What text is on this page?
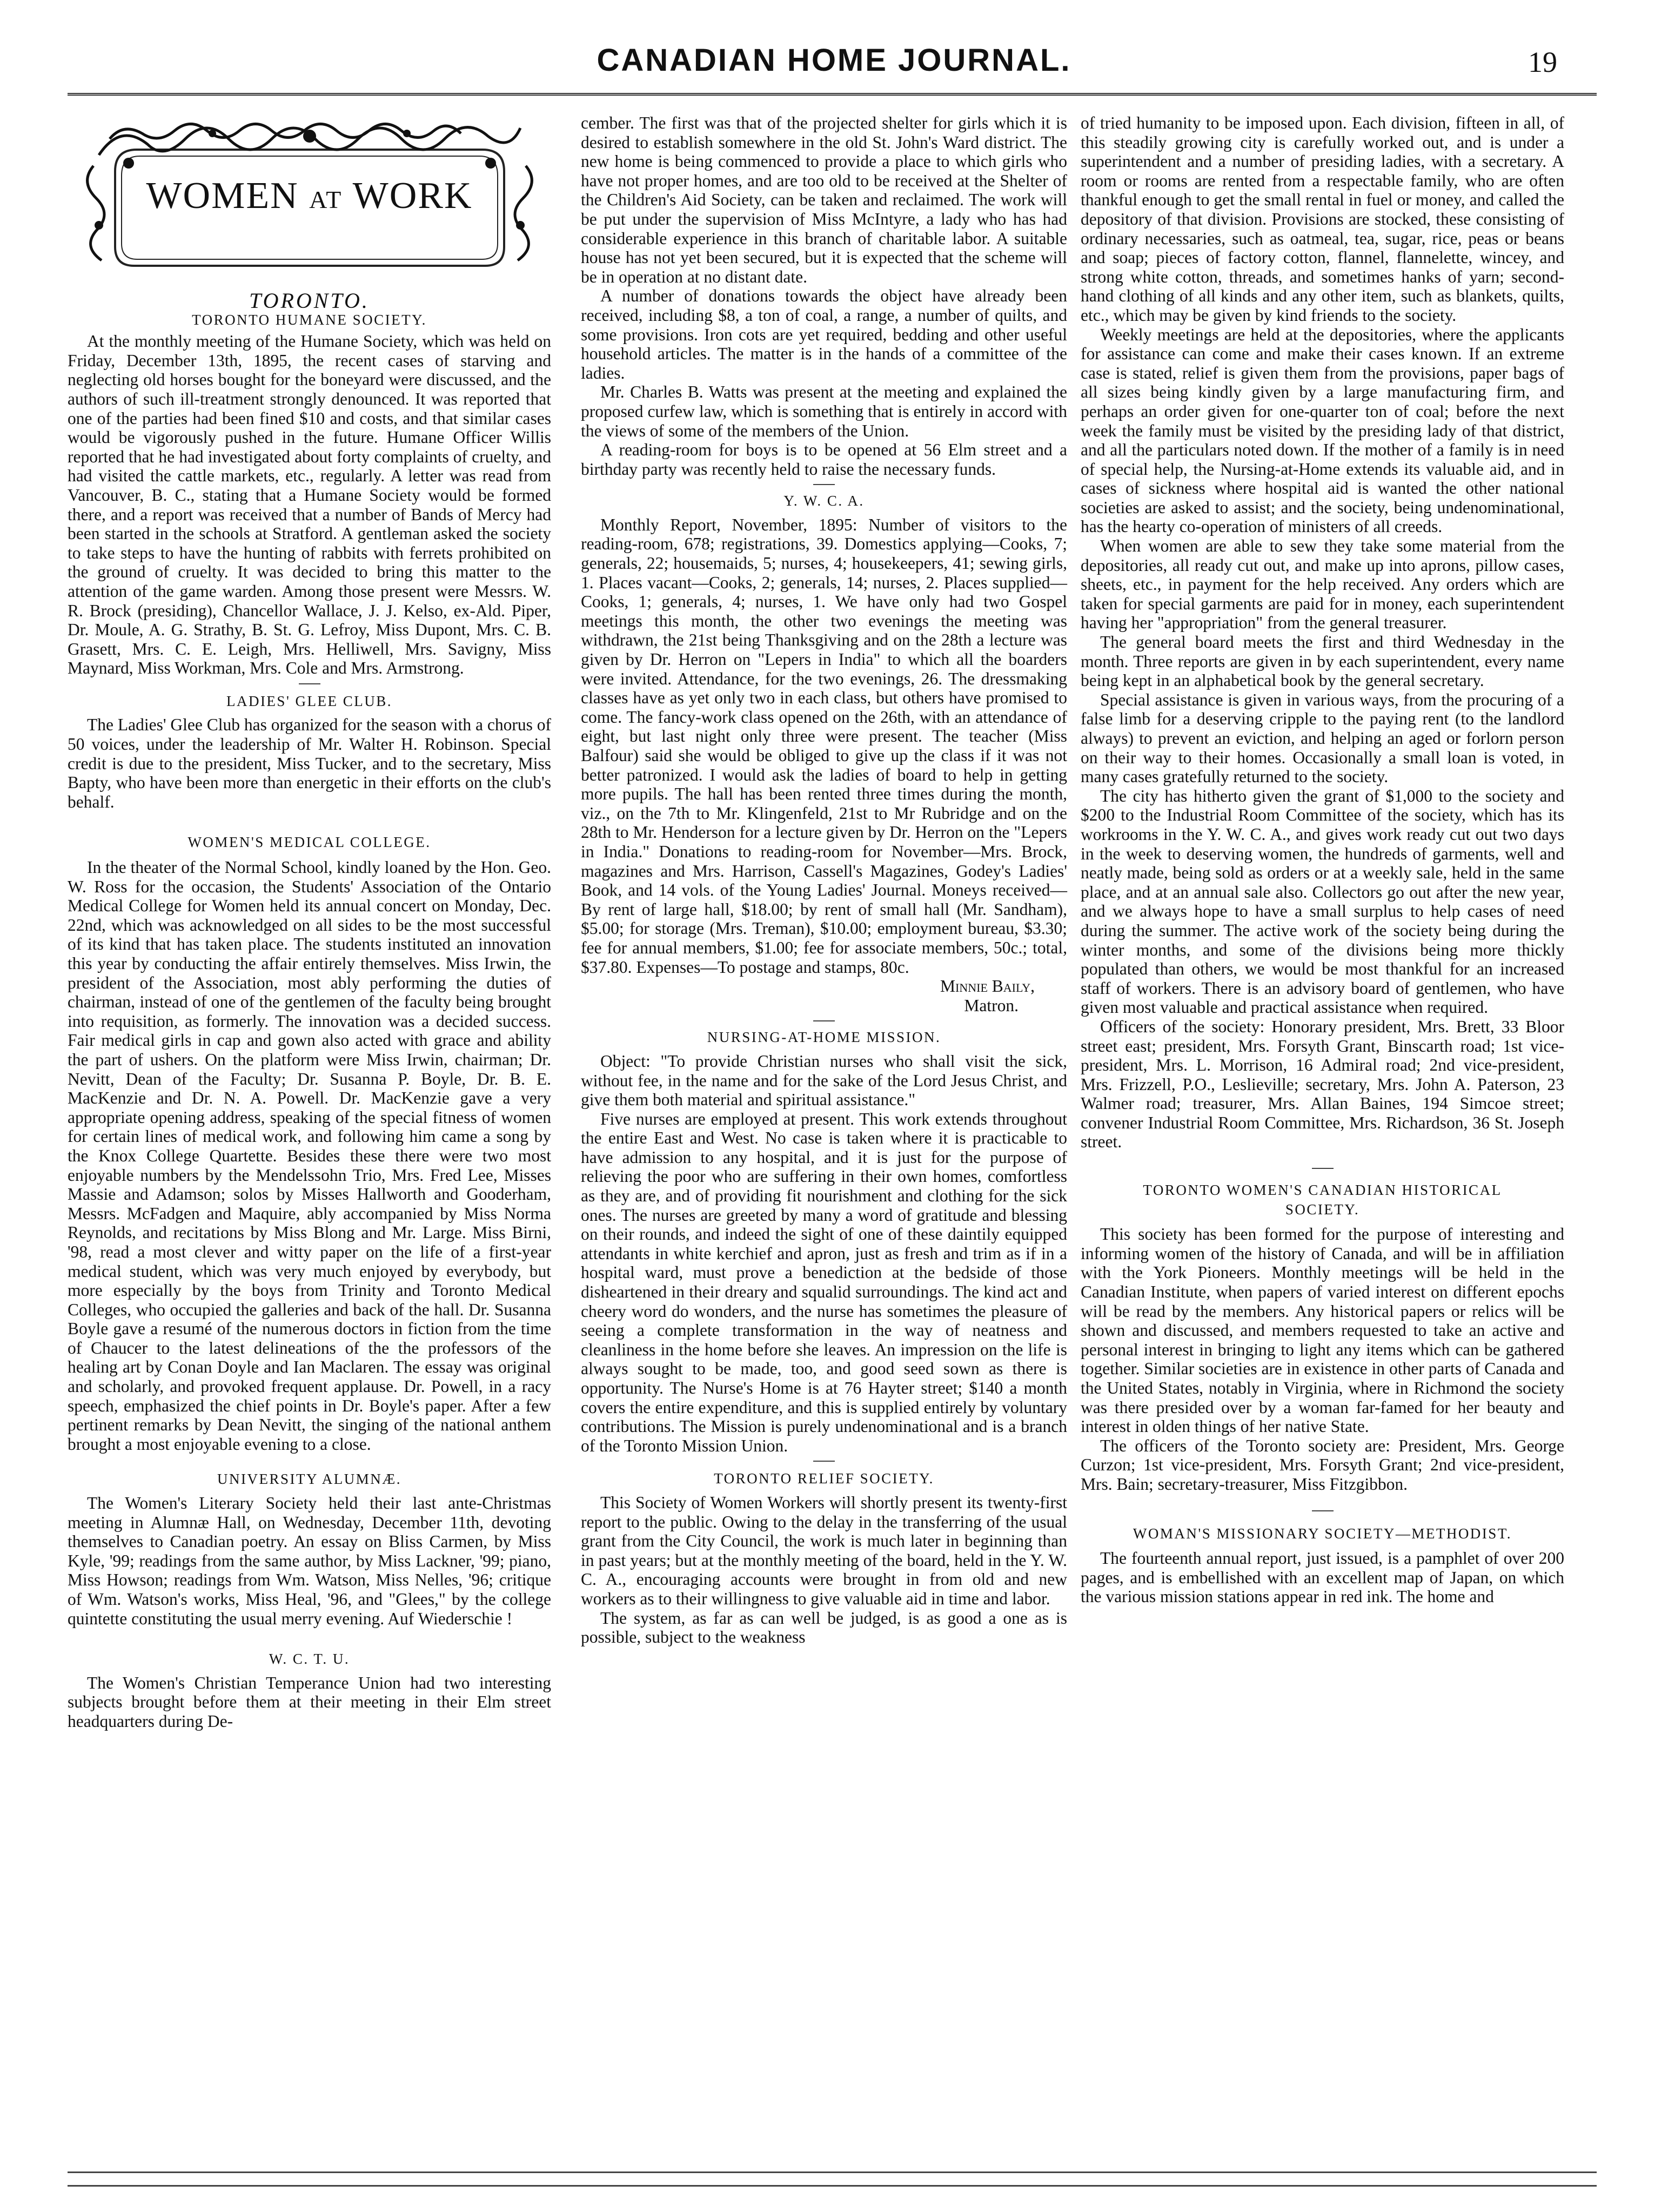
CANADIAN HOME JOURNAL.	19
WOMEN AT WORK
TORONTO.
TORONTO HUMANE SOCIETY.

At the monthly meeting of the Humane Society, which was held on Friday, December 13th, 1895, the recent cases of starving and neglecting old horses bought for the boneyard were discussed, and the authors of such ill-treatment strongly denounced. It was reported that one of the parties had been fined $10 and costs, and that similar cases would be vigorously pushed in the future. Humane Officer Willis reported that he had investigated about forty complaints of cruelty, and had visited the cattle markets, etc., regularly. A letter was read from Vancouver, B. C., stating that a Humane Society would be formed there, and a report was received that a number of Bands of Mercy had been started in the schools at Stratford. A gentleman asked the society to take steps to have the hunting of rabbits with ferrets prohibited on the ground of cruelty. It was decided to bring this matter to the attention of the game warden. Among those present were Messrs. W. R. Brock (presiding), Chancellor Wallace, J. J. Kelso, ex-Ald. Piper, Dr. Moule, A. G. Strathy, B. St. G. Lefroy, Miss Dupont, Mrs. C. B. Grasett, Mrs. C. E. Leigh, Mrs. Helliwell, Mrs. Savigny, Miss Maynard, Miss Workman, Mrs. Cole and Mrs. Armstrong.

LADIES' GLEE CLUB.

The Ladies' Glee Club has organized for the season with a chorus of 50 voices, under the leadership of Mr. Walter H. Robinson. Special credit is due to the president, Miss Tucker, and to the secretary, Miss Bapty, who have been more than energetic in their efforts on the club's behalf.

WOMEN'S MEDICAL COLLEGE.

In the theater of the Normal School, kindly loaned by the Hon. Geo. W. Ross for the occasion, the Students' Association of the Ontario Medical College for Women held its annual concert on Monday, Dec. 22nd, which was acknowledged on all sides to be the most successful of its kind that has taken place. The students instituted an innovation this year by conducting the affair entirely themselves. Miss Irwin, the president of the Association, most ably performing the duties of chairman, instead of one of the gentlemen of the faculty being brought into requisition, as formerly. The innovation was a decided success. Fair medical girls in cap and gown also acted with grace and ability the part of ushers. On the platform were Miss Irwin, chairman; Dr. Nevitt, Dean of the Faculty; Dr. Susanna P. Boyle, Dr. B. E. MacKenzie and Dr. N. A. Powell. Dr. MacKenzie gave a very appropriate opening address, speaking of the special fitness of women for certain lines of medical work, and following him came a song by the Knox College Quartette. Besides these there were two most enjoyable numbers by the Mendelssohn Trio, Mrs. Fred Lee, Misses Massie and Adamson; solos by Misses Hallworth and Gooderham, Messrs. McFadgen and Maquire, ably accompanied by Miss Norma Reynolds, and recitations by Miss Blong and Mr. Large. Miss Birni, '98, read a most clever and witty paper on the life of a first-year medical student, which was very much enjoyed by everybody, but more especially by the boys from Trinity and Toronto Medical Colleges, who occupied the galleries and back of the hall. Dr. Susanna Boyle gave a resumé of the numerous doctors in fiction from the time of Chaucer to the latest delineations of the the professors of the healing art by Conan Doyle and Ian Maclaren. The essay was original and scholarly, and provoked frequent applause. Dr. Powell, in a racy speech, emphasized the chief points in Dr. Boyle's paper. After a few pertinent remarks by Dean Nevitt, the singing of the national anthem brought a most enjoyable evening to a close.

UNIVERSITY ALUMNÆ.

The Women's Literary Society held their last ante-Christmas meeting in Alumnæ Hall, on Wednesday, December 11th, devoting themselves to Canadian poetry. An essay on Bliss Carmen, by Miss Kyle, '99; readings from the same author, by Miss Lackner, '99; piano, Miss Howson; readings from Wm. Watson, Miss Nelles, '96; critique of Wm. Watson's works, Miss Heal, '96, and "Glees," by the college quintette constituting the usual merry evening. Auf Wiederschie !

W. C. T. U.

The Women's Christian Temperance Union had two interesting subjects brought before them at their meeting in their Elm street headquarters during De-

cember. The first was that of the projected shelter for girls which it is desired to establish somewhere in the old St. John's Ward district. The new home is being commenced to provide a place to which girls who have not proper homes, and are too old to be received at the Shelter of the Children's Aid Society, can be taken and reclaimed. The work will be put under the supervision of Miss McIntyre, a lady who has had considerable experience in this branch of charitable labor. A suitable house has not yet been secured, but it is expected that the scheme will be in operation at no distant date.

A number of donations towards the object have already been received, including $8, a ton of coal, a range, a number of quilts, and some provisions. Iron cots are yet required, bedding and other useful household articles. The matter is in the hands of a committee of the ladies.

Mr. Charles B. Watts was present at the meeting and explained the proposed curfew law, which is something that is entirely in accord with the views of some of the members of the Union.

A reading-room for boys is to be opened at 56 Elm street and a birthday party was recently held to raise the necessary funds.

Y. W. C. A.

Monthly Report, November, 1895: Number of visitors to the reading-room, 678; registrations, 39. Domestics applying—Cooks, 7; generals, 22; housemaids, 5; nurses, 4; housekeepers, 41; sewing girls, 1. Places vacant—Cooks, 2; generals, 14; nurses, 2. Places supplied—Cooks, 1; generals, 4; nurses, 1. We have only had two Gospel meetings this month, the other two evenings the meeting was withdrawn, the 21st being Thanksgiving and on the 28th a lecture was given by Dr. Herron on "Lepers in India" to which all the boarders were invited. Attendance, for the two evenings, 26. The dressmaking classes have as yet only two in each class, but others have promised to come. The fancy-work class opened on the 26th, with an attendance of eight, but last night only three were present. The teacher (Miss Balfour) said she would be obliged to give up the class if it was not better patronized. I would ask the ladies of board to help in getting more pupils. The hall has been rented three times during the month, viz., on the 7th to Mr. Klingenfeld, 21st to Mr Rubridge and on the 28th to Mr. Henderson for a lecture given by Dr. Herron on the "Lepers in India." Donations to reading-room for November—Mrs. Brock, magazines and Mrs. Harrison, Cassell's Magazines, Godey's Ladies' Book, and 14 vols. of the Young Ladies' Journal. Moneys received—By rent of large hall, $18.00; by rent of small hall (Mr. Sandham), $5.00; for storage (Mrs. Treman), $10.00; employment bureau, $3.30; fee for annual members, $1.00; fee for associate members, 50c.; total, $37.80. Expenses—To postage and stamps, 80c.

Minnie Baily,

Matron.

NURSING-AT-HOME MISSION.

Object: "To provide Christian nurses who shall visit the sick, without fee, in the name and for the sake of the Lord Jesus Christ, and give them both material and spiritual assistance."

Five nurses are employed at present. This work extends throughout the entire East and West. No case is taken where it is practicable to have admission to any hospital, and it is just for the purpose of relieving the poor who are suffering in their own homes, comfortless as they are, and of providing fit nourishment and clothing for the sick ones. The nurses are greeted by many a word of gratitude and blessing on their rounds, and indeed the sight of one of these daintily equipped attendants in white kerchief and apron, just as fresh and trim as if in a hospital ward, must prove a benediction at the bedside of those disheartened in their dreary and squalid surroundings. The kind act and cheery word do wonders, and the nurse has sometimes the pleasure of seeing a complete transformation in the way of neatness and cleanliness in the home before she leaves. An impression on the life is always sought to be made, too, and good seed sown as there is opportunity. The Nurse's Home is at 76 Hayter street; $140 a month covers the entire expenditure, and this is supplied entirely by voluntary contributions. The Mission is purely undenominational and is a branch of the Toronto Mission Union.

TORONTO RELIEF SOCIETY.

This Society of Women Workers will shortly present its twenty-first report to the public. Owing to the delay in the transferring of the usual grant from the City Council, the work is much later in beginning than in past years; but at the monthly meeting of the board, held in the Y. W. C. A., encouraging accounts were brought in from old and new workers as to their willingness to give valuable aid in time and labor.

The system, as far as can well be judged, is as good a one as is possible, subject to the weakness

of tried humanity to be imposed upon. Each division, fifteen in all, of this steadily growing city is carefully worked out, and is under a superintendent and a number of presiding ladies, with a secretary. A room or rooms are rented from a respectable family, who are often thankful enough to get the small rental in fuel or money, and called the depository of that division. Provisions are stocked, these consisting of ordinary necessaries, such as oatmeal, tea, sugar, rice, peas or beans and soap; pieces of factory cotton, flannel, flannelette, wincey, and strong white cotton, threads, and sometimes hanks of yarn; second-hand clothing of all kinds and any other item, such as blankets, quilts, etc., which may be given by kind friends to the society.

Weekly meetings are held at the depositories, where the applicants for assistance can come and make their cases known. If an extreme case is stated, relief is given them from the provisions, paper bags of all sizes being kindly given by a large manufacturing firm, and perhaps an order given for one-quarter ton of coal; before the next week the family must be visited by the presiding lady of that district, and all the particulars noted down. If the mother of a family is in need of special help, the Nursing-at-Home extends its valuable aid, and in cases of sickness where hospital aid is wanted the other national societies are asked to assist; and the society, being undenominational, has the hearty co-operation of ministers of all creeds.

When women are able to sew they take some material from the depositories, all ready cut out, and make up into aprons, pillow cases, sheets, etc., in payment for the help received. Any orders which are taken for special garments are paid for in money, each superintendent having her "appropriation" from the general treasurer.

The general board meets the first and third Wednesday in the month. Three reports are given in by each superintendent, every name being kept in an alphabetical book by the general secretary.

Special assistance is given in various ways, from the procuring of a false limb for a deserving cripple to the paying rent (to the landlord always) to prevent an eviction, and helping an aged or forlorn person on their way to their homes. Occasionally a small loan is voted, in many cases gratefully returned to the society.

The city has hitherto given the grant of $1,000 to the society and $200 to the Industrial Room Committee of the society, which has its workrooms in the Y. W. C. A., and gives work ready cut out two days in the week to deserving women, the hundreds of garments, well and neatly made, being sold as orders or at a weekly sale, held in the same place, and at an annual sale also. Collectors go out after the new year, and we always hope to have a small surplus to help cases of need during the summer. The active work of the society being during the winter months, and some of the divisions being more thickly populated than others, we would be most thankful for an increased staff of workers. There is an advisory board of gentlemen, who have given most valuable and practical assistance when required.

Officers of the society: Honorary president, Mrs. Brett, 33 Bloor street east; president, Mrs. Forsyth Grant, Binscarth road; 1st vice-president, Mrs. L. Morrison, 16 Admiral road; 2nd vice-president, Mrs. Frizzell, P.O., Leslieville; secretary, Mrs. John A. Paterson, 23 Walmer road; treasurer, Mrs. Allan Baines, 194 Simcoe street; convener Industrial Room Committee, Mrs. Richardson, 36 St. Joseph street.

TORONTO WOMEN'S CANADIAN HISTORICAL
SOCIETY.

This society has been formed for the purpose of interesting and informing women of the history of Canada, and will be in affiliation with the York Pioneers. Monthly meetings will be held in the Canadian Institute, when papers of varied interest on different epochs will be read by the members. Any historical papers or relics will be shown and discussed, and members requested to take an active and personal interest in bringing to light any items which can be gathered together. Similar societies are in existence in other parts of Canada and the United States, notably in Virginia, where in Richmond the society was there presided over by a woman far-famed for her beauty and interest in olden things of her native State.

The officers of the Toronto society are: President, Mrs. George Curzon; 1st vice-president, Mrs. Forsyth Grant; 2nd vice-president, Mrs. Bain; secretary-treasurer, Miss Fitzgibbon.

WOMAN'S MISSIONARY SOCIETY—METHODIST.

The fourteenth annual report, just issued, is a pamphlet of over 200 pages, and is embellished with an excellent map of Japan, on which the various mission stations appear in red ink. The home and
